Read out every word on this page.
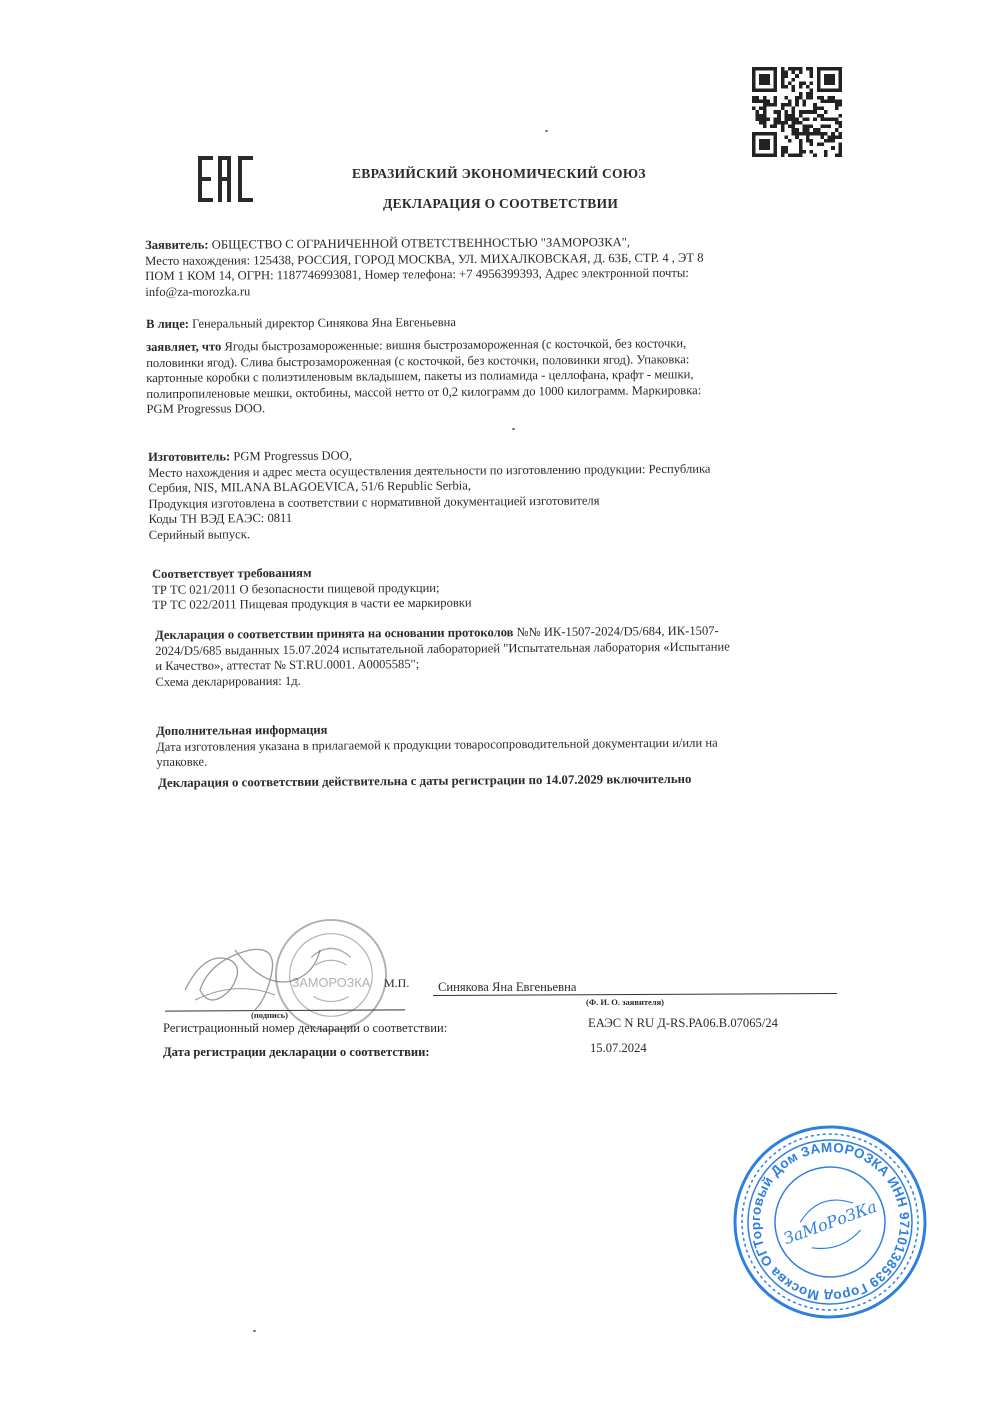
ЕВРАЗИЙСКИЙ ЭКОНОМИЧЕСКИЙ СОЮЗ
ДЕКЛАРАЦИЯ О СООТВЕТСТВИИ
Заявитель: ОБЩЕСТВО С ОГРАНИЧЕННОЙ ОТВЕТСТВЕННОСТЬЮ "ЗАМОРОЗКА",
Место нахождения: 125438, РОССИЯ, ГОРОД МОСКВА, УЛ. МИХАЛКОВСКАЯ, Д. 63Б, СТР. 4 , ЭТ 8
ПОМ 1 КОМ 14, ОГРН: 1187746993081, Номер телефона: +7 4956399393, Адрес электронной почты:
info@za-morozka.ru
В лице: Генеральный директор Синякова Яна Евгеньевна
заявляет, что Ягоды быстрозамороженные: вишня быстрозамороженная (с косточкой, без косточки,
половинки ягод). Слива быстрозамороженная (с косточкой, без косточки, половинки ягод). Упаковка:
картонные коробки с полиэтиленовым вкладышем, пакеты из полиамида - целлофана, крафт - мешки,
полипропиленовые мешки, октобины, массой нетто от 0,2 килограмм до 1000 килограмм. Маркировка:
PGM Progressus DOO.
Изготовитель: PGM Progressus DOO,
Место нахождения и адрес места осуществления деятельности по изготовлению продукции: Республика
Сербия, NIS, MILANA BLAGOEVICA, 51/6 Republic Serbia,
Продукция изготовлена в соответствии с нормативной документацией изготовителя
Коды ТН ВЭД ЕАЭС: 0811
Серийный выпуск.
Соответствует требованиям
ТР ТС 021/2011 О безопасности пищевой продукции;
ТР ТС 022/2011 Пищевая продукция в части ее маркировки
Декларация о соответствии принята на основании протоколов №№ ИК-1507-2024/D5/684, ИК-1507-
2024/D5/685 выданных 15.07.2024 испытательной лабораторией "Испытательная лаборатория «Испытание
и Качество», аттестат № ST.RU.0001. A0005585";
Схема декларирования: 1д.
Дополнительная информация
Дата изготовления указана в прилагаемой к продукции товаросопроводительной документации и/или на
упаковке.
Декларация о соответствии действительна с даты регистрации по 14.07.2029 включительно
ЗАМОРОЗКА М.П. Синякова Яна Евгеньевна
(подпись)
(Ф. И. О. заявителя)
Регистрационный номер декларации о соответствии:	ЕАЭС N RU Д-RS.РА06.В.07065/24
Дата регистрации декларации о соответствии:	15.07.2024
Торговый Дом ЗАМОРОЗКА ИНН 9710138539 Город Москва ОГРН
ЗаМоРоЗКа
